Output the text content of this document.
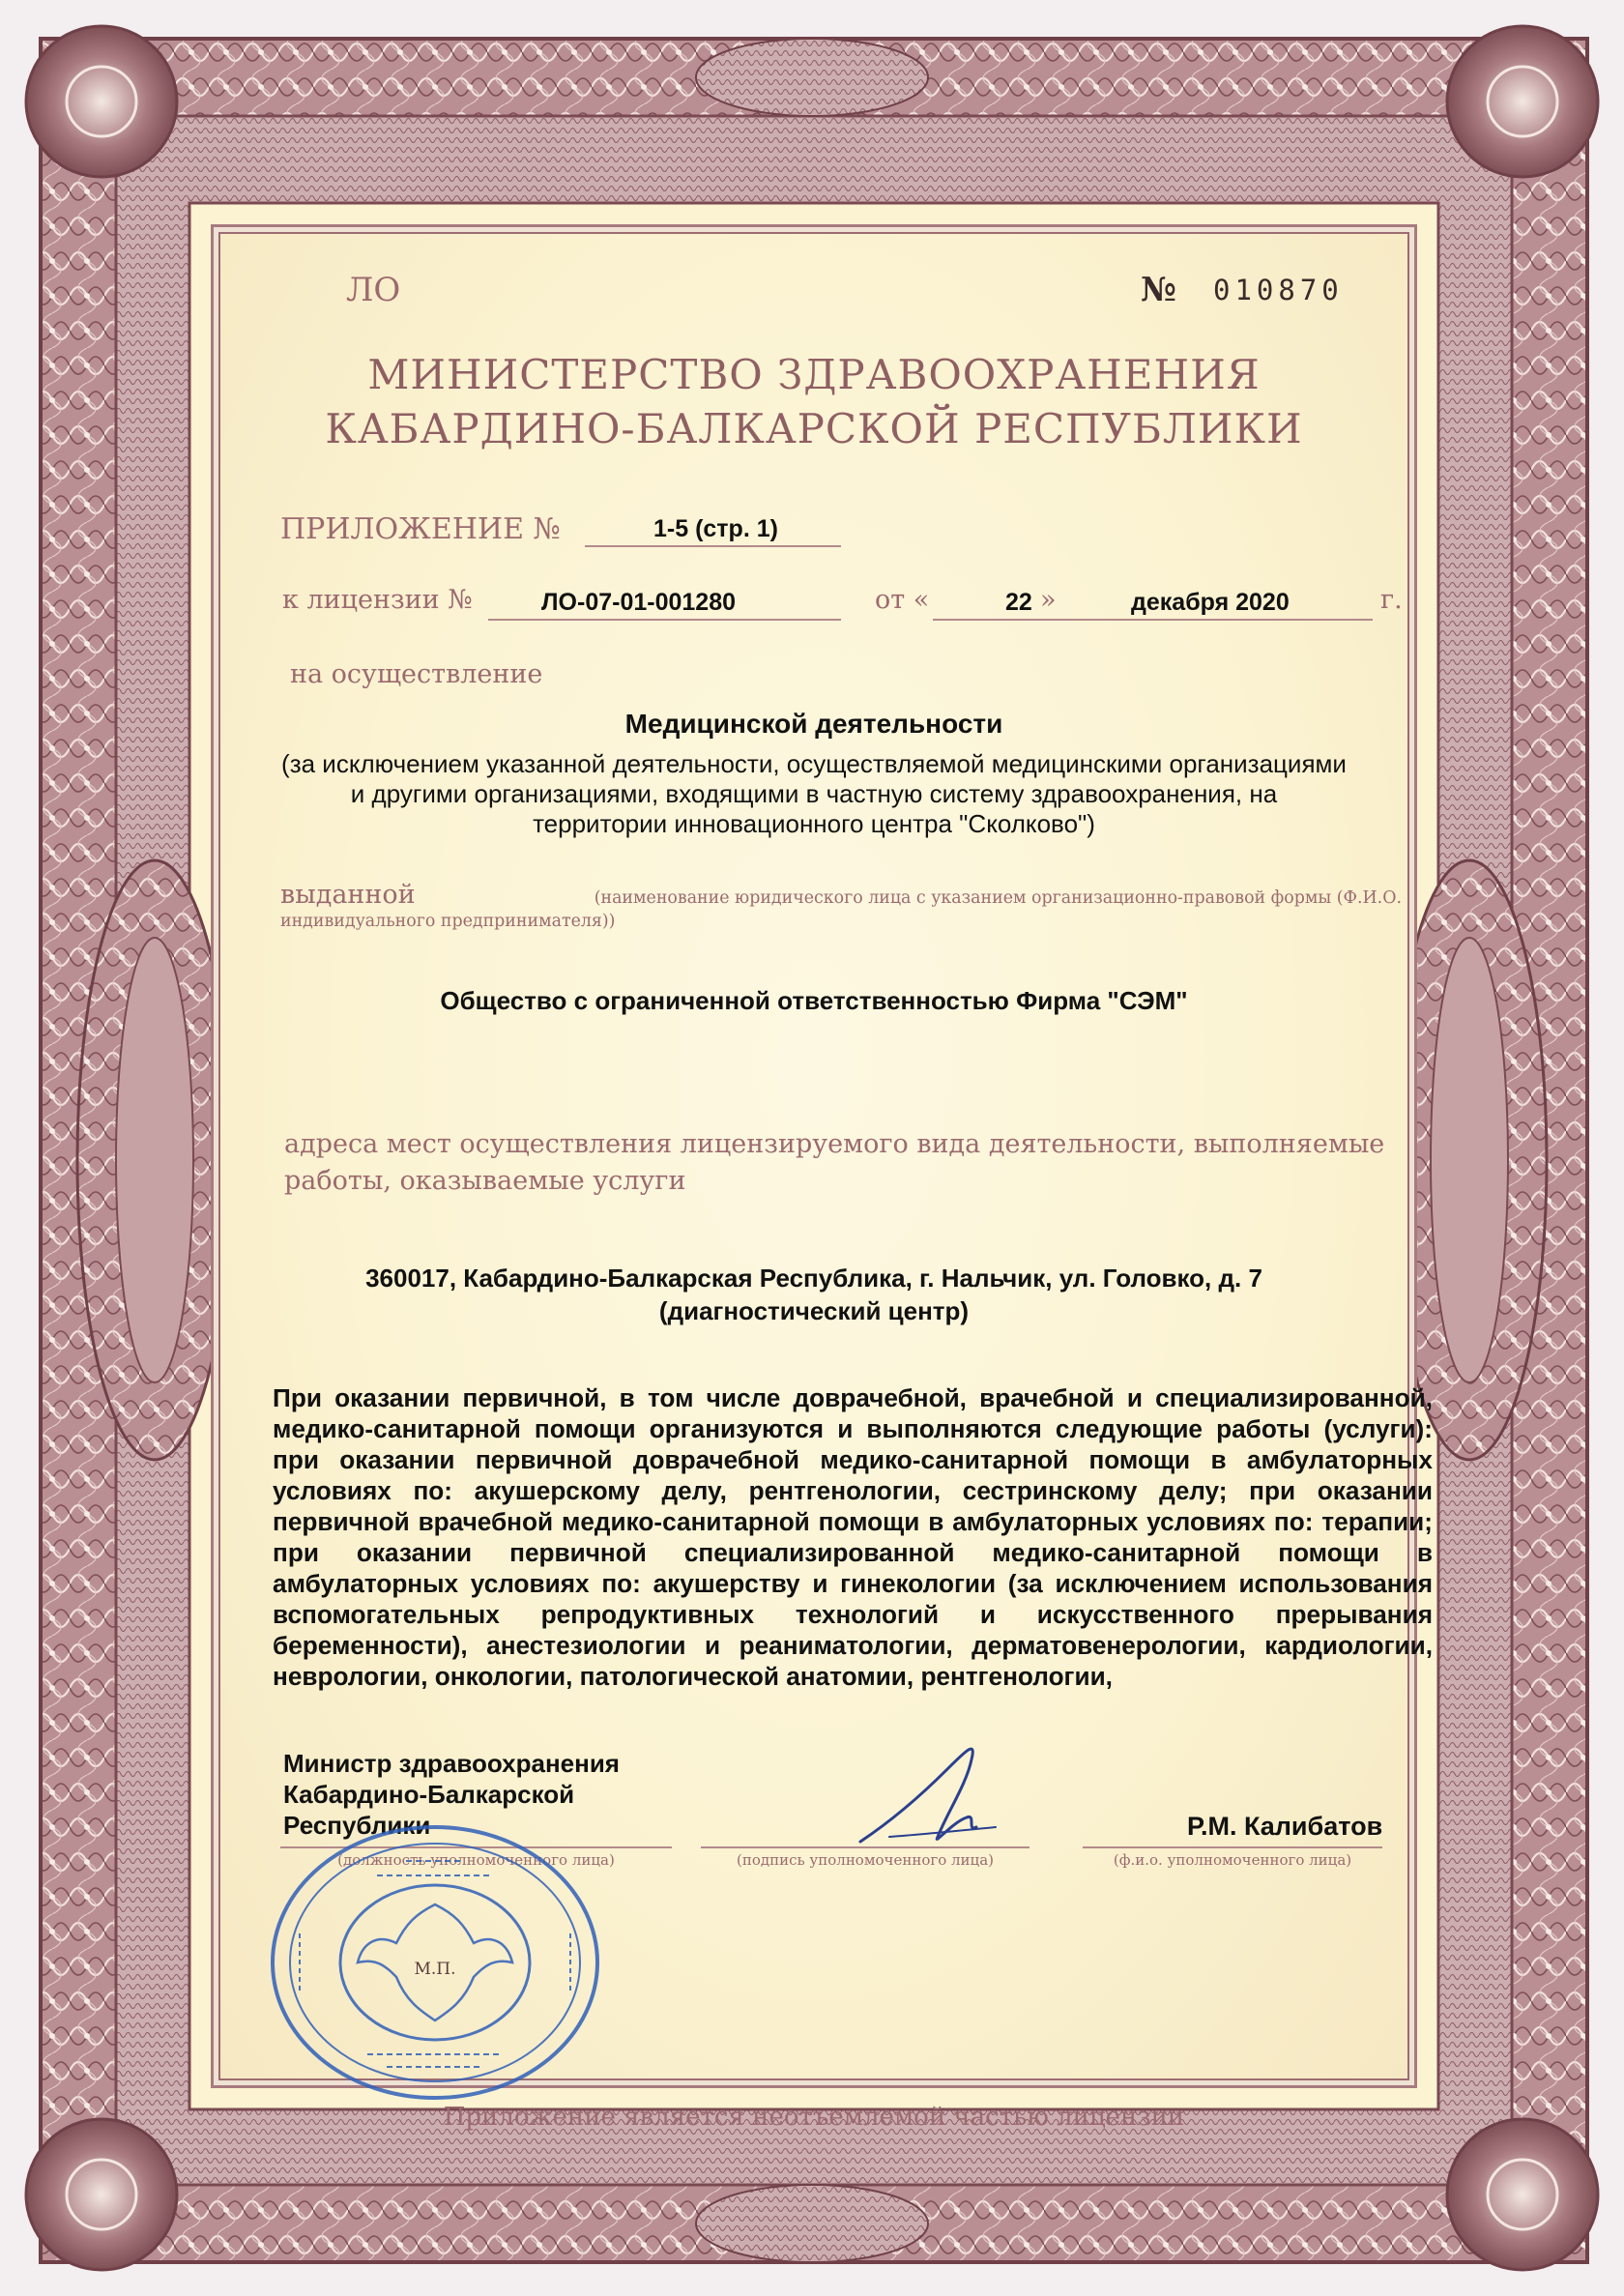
ЛО	№ 010870
МИНИСТЕРСТВО ЗДРАВООХРАНЕНИЯ
КАБАРДИНО-БАЛКАРСКОЙ РЕСПУБЛИКИ
ПРИЛОЖЕНИЕ №	1-5 (стр. 1)
к лицензии №	ЛО-07-01-001280	от «	22 »	декабря 2020	г.
на осуществление
Медицинской деятельности
(за исключением указанной деятельности, осуществляемой медицинскими организациями
и другими организациями, входящими в частную систему здравоохранения, на
территории инновационного центра "Сколково")
выданной	(наименование юридического лица с указанием организационно-правовой формы (Ф.И.О.
индивидуального предпринимателя))
Общество с ограниченной ответственностью Фирма "СЭМ"
адреса мест осуществления лицензируемого вида деятельности, выполняемые
работы, оказываемые услуги
360017, Кабардино-Балкарская Республика, г. Нальчик, ул. Головко, д. 7
(диагностический центр)
При оказании первичной, в том числе доврачебной, врачебной и специализированной, медико-санитарной помощи организуются и выполняются следующие работы (услуги): при оказании первичной доврачебной медико-санитарной помощи в амбулаторных условиях по: акушерскому делу, рентгенологии, сестринскому делу; при оказании первичной врачебной медико-санитарной помощи в амбулаторных условиях по: терапии; при оказании первичной специализированной медико-санитарной помощи в амбулаторных условиях по: акушерству и гинекологии (за исключением использования вспомогательных репродуктивных технологий и искусственного прерывания беременности), анестезиологии и реаниматологии, дерматовенерологии, кардиологии, неврологии, онкологии, патологической анатомии, рентгенологии,
Министр здравоохранения
Кабардино-Балкарской
Республики	Р.М. Калибатов
(должность уполномоченного лица)	(подпись уполномоченного лица)	(ф.и.о. уполномоченного лица)
М.П.
Приложение является неотъемлемой частью лицензии
